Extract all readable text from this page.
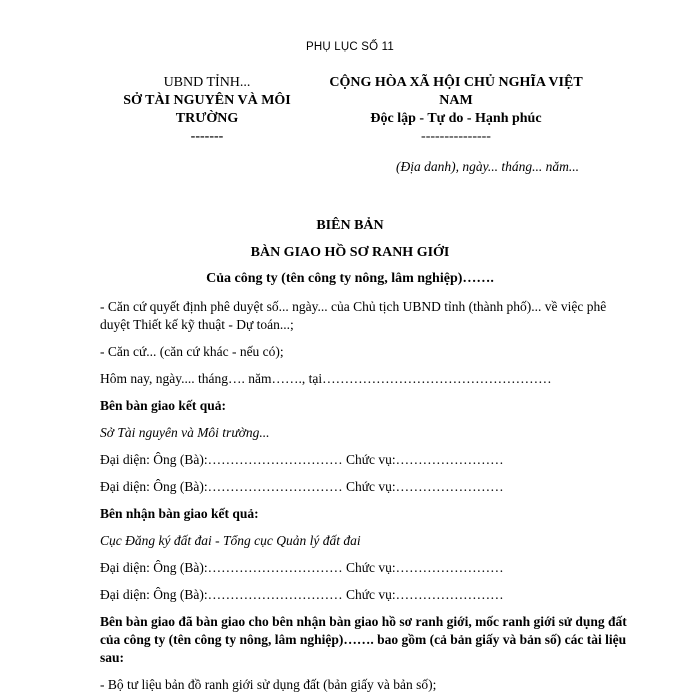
PHỤ LỤC SỐ 11
UBND TỈNH...
SỞ TÀI NGUYÊN VÀ MÔI
TRƯỜNG
-------
CỘNG HÒA XÃ HỘI CHỦ NGHĨA VIỆT
NAM
Độc lập - Tự do - Hạnh phúc
---------------
(Địa danh), ngày... tháng... năm...
BIÊN BẢN
BÀN GIAO HỒ SƠ RANH GIỚI
Của công ty (tên công ty nông, lâm nghiệp)…….

- Căn cứ quyết định phê duyệt số... ngày... của Chủ tịch UBND tỉnh (thành phố)... về việc phê duyệt Thiết kế kỹ thuật - Dự toán...;

- Căn cứ... (căn cứ khác - nếu có);

Hôm nay, ngày.... tháng…. năm……., tại……………………………………………

Bên bàn giao kết quả:

Sở Tài nguyên và Môi trường...

Đại diện: Ông (Bà):………………………… Chức vụ:……………………

Đại diện: Ông (Bà):………………………… Chức vụ:……………………

Bên nhận bàn giao kết quả:

Cục Đăng ký đất đai - Tổng cục Quản lý đất đai

Đại diện: Ông (Bà):………………………… Chức vụ:……………………

Đại diện: Ông (Bà):………………………… Chức vụ:……………………

Bên bàn giao đã bàn giao cho bên nhận bàn giao hồ sơ ranh giới, mốc ranh giới sử dụng đất của công ty (tên công ty nông, lâm nghiệp)……. bao gồm (cả bản giấy và bản số) các tài liệu sau:

- Bộ tư liệu bản đồ ranh giới sử dụng đất (bản giấy và bản số);
